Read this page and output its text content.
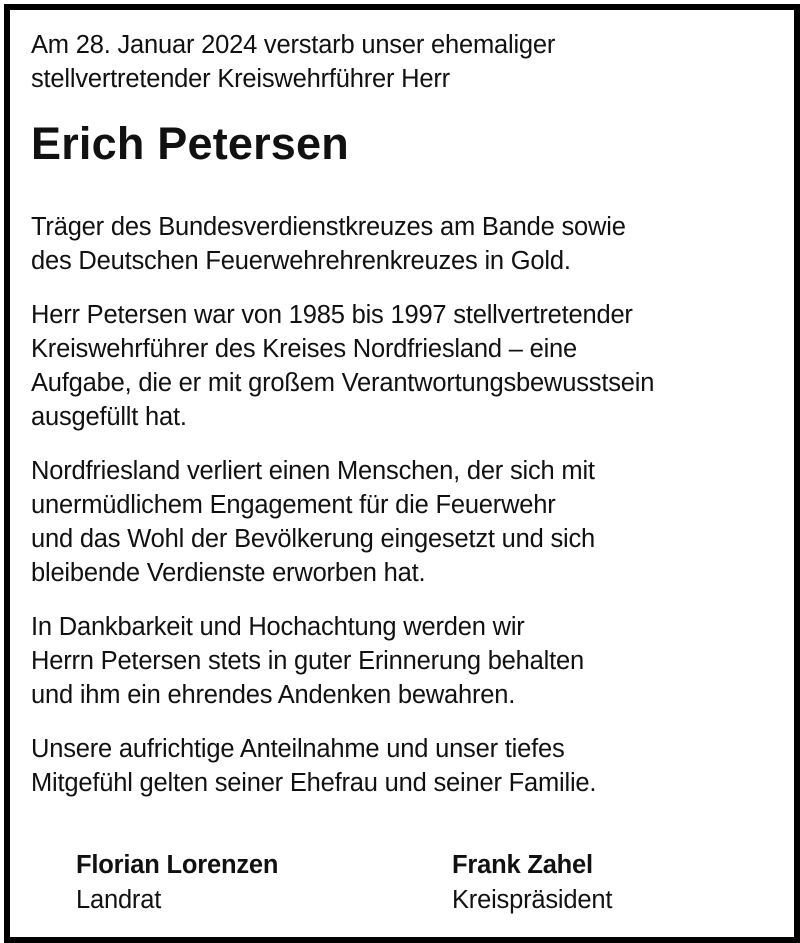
Am 28. Januar 2024 verstarb unser ehemaliger
stellvertretender Kreiswehrführer Herr

Erich Petersen

Träger des Bundesverdienstkreuzes am Bande sowie
des Deutschen Feuerwehrehrenkreuzes in Gold.

Herr Petersen war von 1985 bis 1997 stellvertretender
Kreiswehrführer des Kreises Nordfriesland – eine
Aufgabe, die er mit großem Verantwortungsbewusstsein
ausgefüllt hat.

Nordfriesland verliert einen Menschen, der sich mit
unermüdlichem Engagement für die Feuerwehr
und das Wohl der Bevölkerung eingesetzt und sich
bleibende Verdienste erworben hat.

In Dankbarkeit und Hochachtung werden wir
Herrn Petersen stets in guter Erinnerung behalten
und ihm ein ehrendes Andenken bewahren.

Unsere aufrichtige Anteilnahme und unser tiefes
Mitgefühl gelten seiner Ehefrau und seiner Familie.

Florian Lorenzen
Landrat
Frank Zahel
Kreispräsident
